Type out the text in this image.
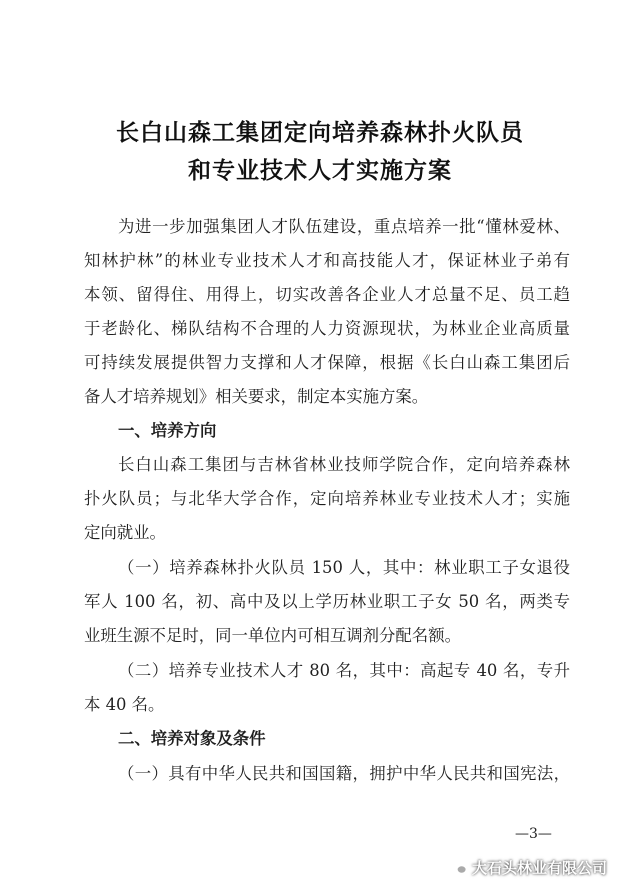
长白山森工集团定向培养森林扑火队员
和专业技术人才实施方案
为进一步加强集团人才队伍建设，重点培养一批“懂林爱林、
知林护林”的林业专业技术人才和高技能人才，保证林业子弟有
本领、留得住、用得上，切实改善各企业人才总量不足、员工趋
于老龄化、梯队结构不合理的人力资源现状，为林业企业高质量
可持续发展提供智力支撑和人才保障，根据《长白山森工集团后
备人才培养规划》相关要求，制定本实施方案。
一、培养方向
长白山森工集团与吉林省林业技师学院合作，定向培养森林
扑火队员；与北华大学合作，定向培养林业专业技术人才；实施
定向就业。
（一）培养森林扑火队员 150 人，其中：林业职工子女退役
军人 100 名，初、高中及以上学历林业职工子女 50 名，两类专
业班生源不足时，同一单位内可相互调剂分配名额。
（二）培养专业技术人才 80 名，其中：高起专 40 名，专升
本 40 名。
二、培养对象及条件
（一）具有中华人民共和国国籍，拥护中华人民共和国宪法，
—3—
大石头林业有限公司
